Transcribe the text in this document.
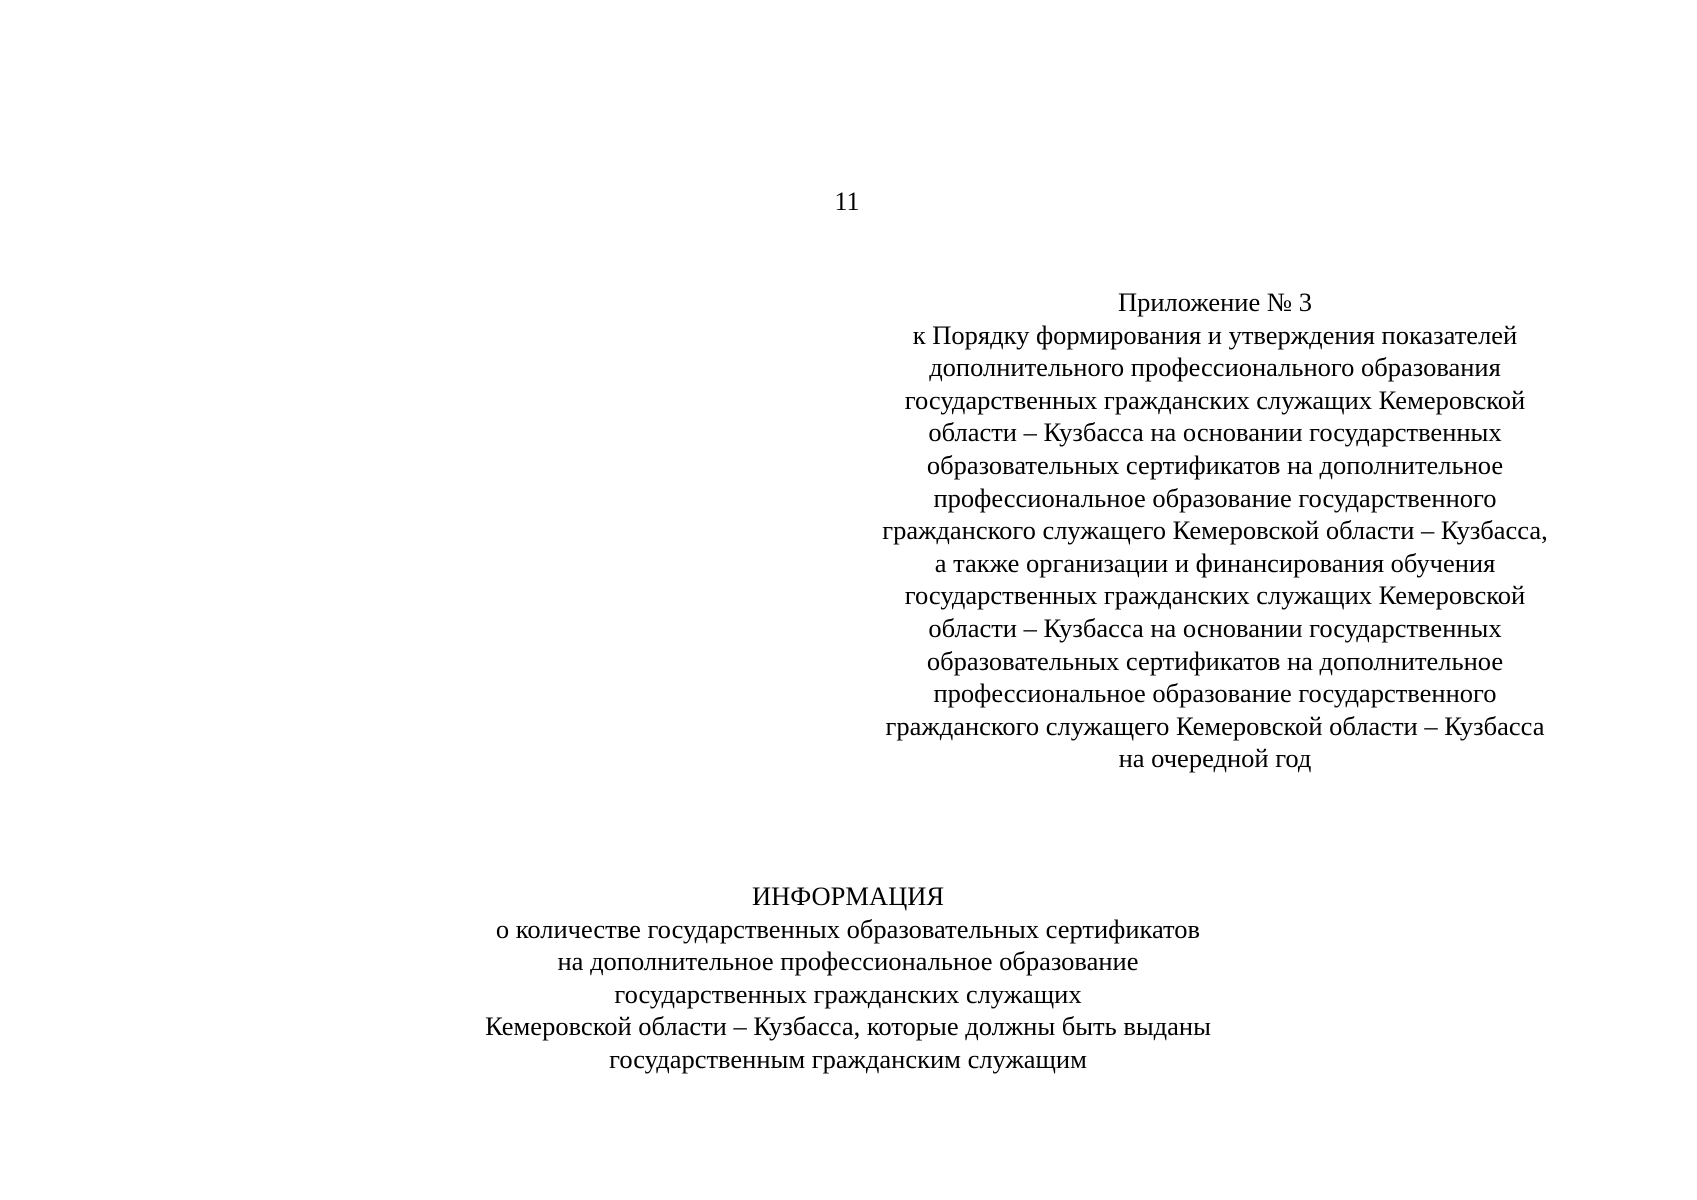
11
Приложение № 3
к Порядку формирования и утверждения показателей
дополнительного профессионального образования
государственных гражданских служащих Кемеровской
области – Кузбасса на основании государственных
образовательных сертификатов на дополнительное
профессиональное образование государственного
гражданского служащего Кемеровской области – Кузбасса,
а также организации и финансирования обучения
государственных гражданских служащих Кемеровской
области – Кузбасса на основании государственных
образовательных сертификатов на дополнительное
профессиональное образование государственного
гражданского служащего Кемеровской области – Кузбасса
на очередной год
ИНФОРМАЦИЯ
о количестве государственных образовательных сертификатов
на дополнительное профессиональное образование
государственных гражданских служащих
Кемеровской области – Кузбасса, которые должны быть выданы
государственным гражданским служащим
